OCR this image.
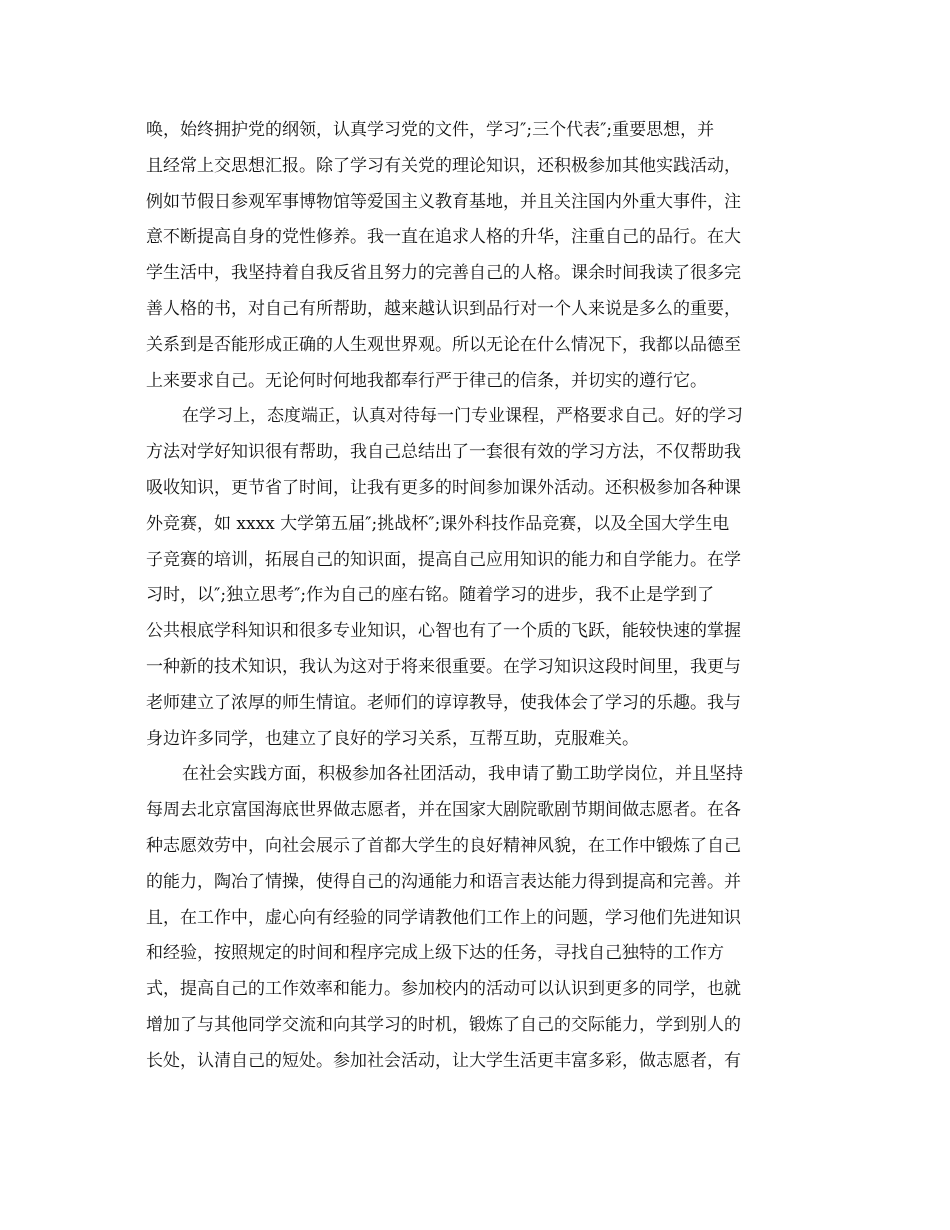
唤，始终拥护党的纲领，认真学习党的文件，学习″;三个代表″;重要思想，并
且经常上交思想汇报。除了学习有关党的理论知识，还积极参加其他实践活动，
例如节假日参观军事博物馆等爱国主义教育基地，并且关注国内外重大事件，注
意不断提高自身的党性修养。我一直在追求人格的升华，注重自己的品行。在大
学生活中，我坚持着自我反省且努力的完善自己的人格。课余时间我读了很多完
善人格的书，对自己有所帮助，越来越认识到品行对一个人来说是多么的重要，
关系到是否能形成正确的人生观世界观。所以无论在什么情况下，我都以品德至
上来要求自己。无论何时何地我都奉行严于律己的信条，并切实的遵行它。
在学习上，态度端正，认真对待每一门专业课程，严格要求自己。好的学习
方法对学好知识很有帮助，我自己总结出了一套很有效的学习方法，不仅帮助我
吸收知识，更节省了时间，让我有更多的时间参加课外活动。还积极参加各种课
外竞赛，如 xxxx 大学第五届″;挑战杯″;课外科技作品竞赛，以及全国大学生电
子竞赛的培训，拓展自己的知识面，提高自己应用知识的能力和自学能力。在学
习时，以″;独立思考″;作为自己的座右铭。随着学习的进步，我不止是学到了
公共根底学科知识和很多专业知识，心智也有了一个质的飞跃，能较快速的掌握
一种新的技术知识，我认为这对于将来很重要。在学习知识这段时间里，我更与
老师建立了浓厚的师生情谊。老师们的谆谆教导，使我体会了学习的乐趣。我与
身边许多同学，也建立了良好的学习关系，互帮互助，克服难关。
在社会实践方面，积极参加各社团活动，我申请了勤工助学岗位，并且坚持
每周去北京富国海底世界做志愿者，并在国家大剧院歌剧节期间做志愿者。在各
种志愿效劳中，向社会展示了首都大学生的良好精神风貌，在工作中锻炼了自己
的能力，陶冶了情操，使得自己的沟通能力和语言表达能力得到提高和完善。并
且，在工作中，虚心向有经验的同学请教他们工作上的问题，学习他们先进知识
和经验，按照规定的时间和程序完成上级下达的任务，寻找自己独特的工作方
式，提高自己的工作效率和能力。参加校内的活动可以认识到更多的同学，也就
增加了与其他同学交流和向其学习的时机，锻炼了自己的交际能力，学到别人的
长处，认清自己的短处。参加社会活动，让大学生活更丰富多彩，做志愿者，有
